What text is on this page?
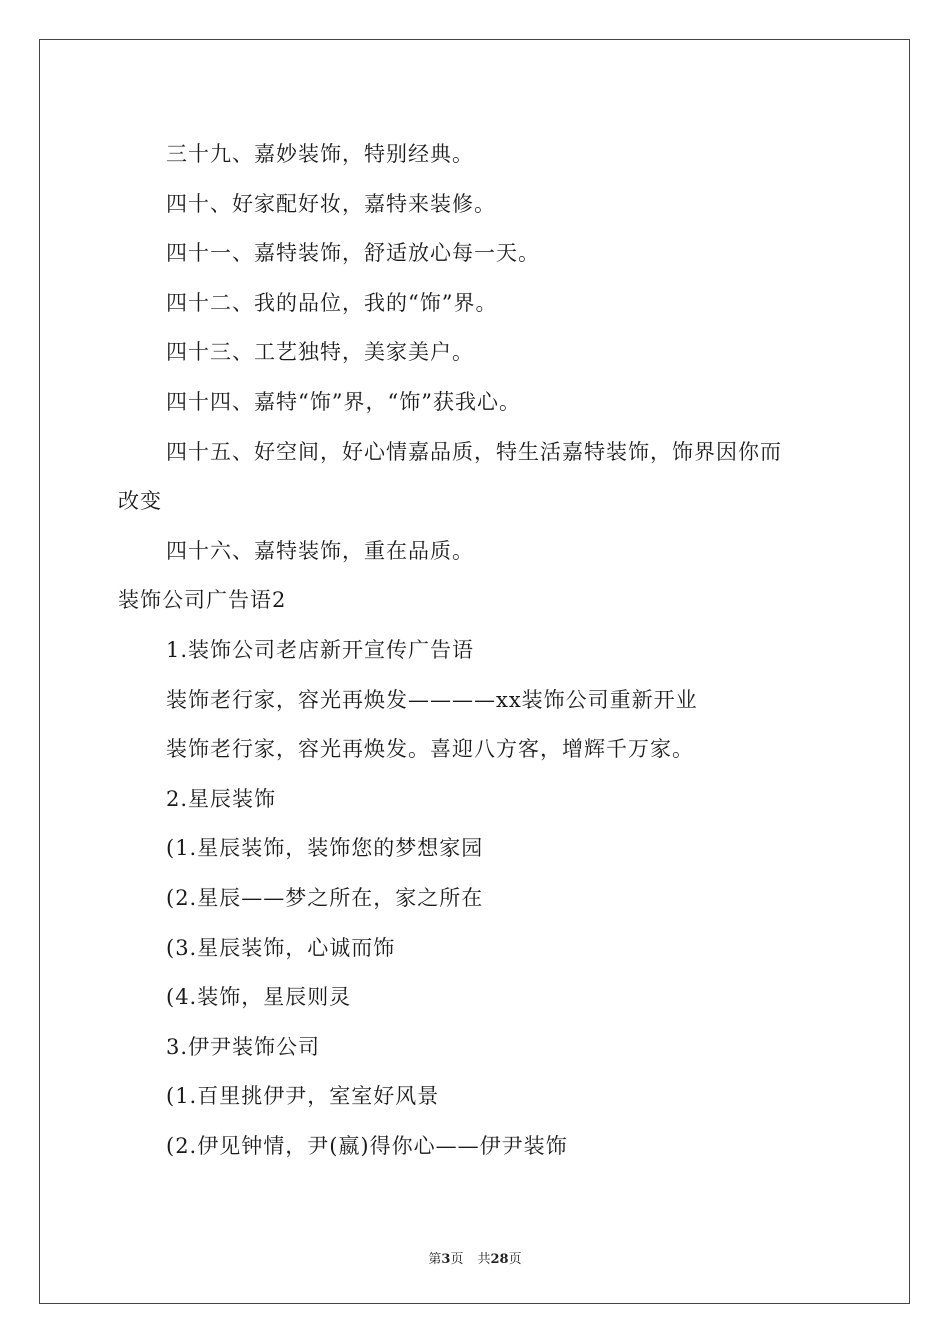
三十九、嘉妙装饰，特别经典。
四十、好家配好妆，嘉特来装修。
四十一、嘉特装饰，舒适放心每一天。
四十二、我的品位，我的“饰”界。
四十三、工艺独特，美家美户。
四十四、嘉特“饰”界，“饰”获我心。
四十五、好空间，好心情嘉品质，特生活嘉特装饰，饰界因你而
改变
四十六、嘉特装饰，重在品质。
装饰公司广告语2
1.装饰公司老店新开宣传广告语
装饰老行家，容光再焕发————xx装饰公司重新开业
装饰老行家，容光再焕发。喜迎八方客，增辉千万家。
2.星辰装饰
(1.星辰装饰，装饰您的梦想家园
(2.星辰——梦之所在，家之所在
(3.星辰装饰，心诚而饰
(4.装饰，星辰则灵
3.伊尹装饰公司
(1.百里挑伊尹，室室好风景
(2.伊见钟情，尹(嬴)得你心——伊尹装饰
第3页 共28页
